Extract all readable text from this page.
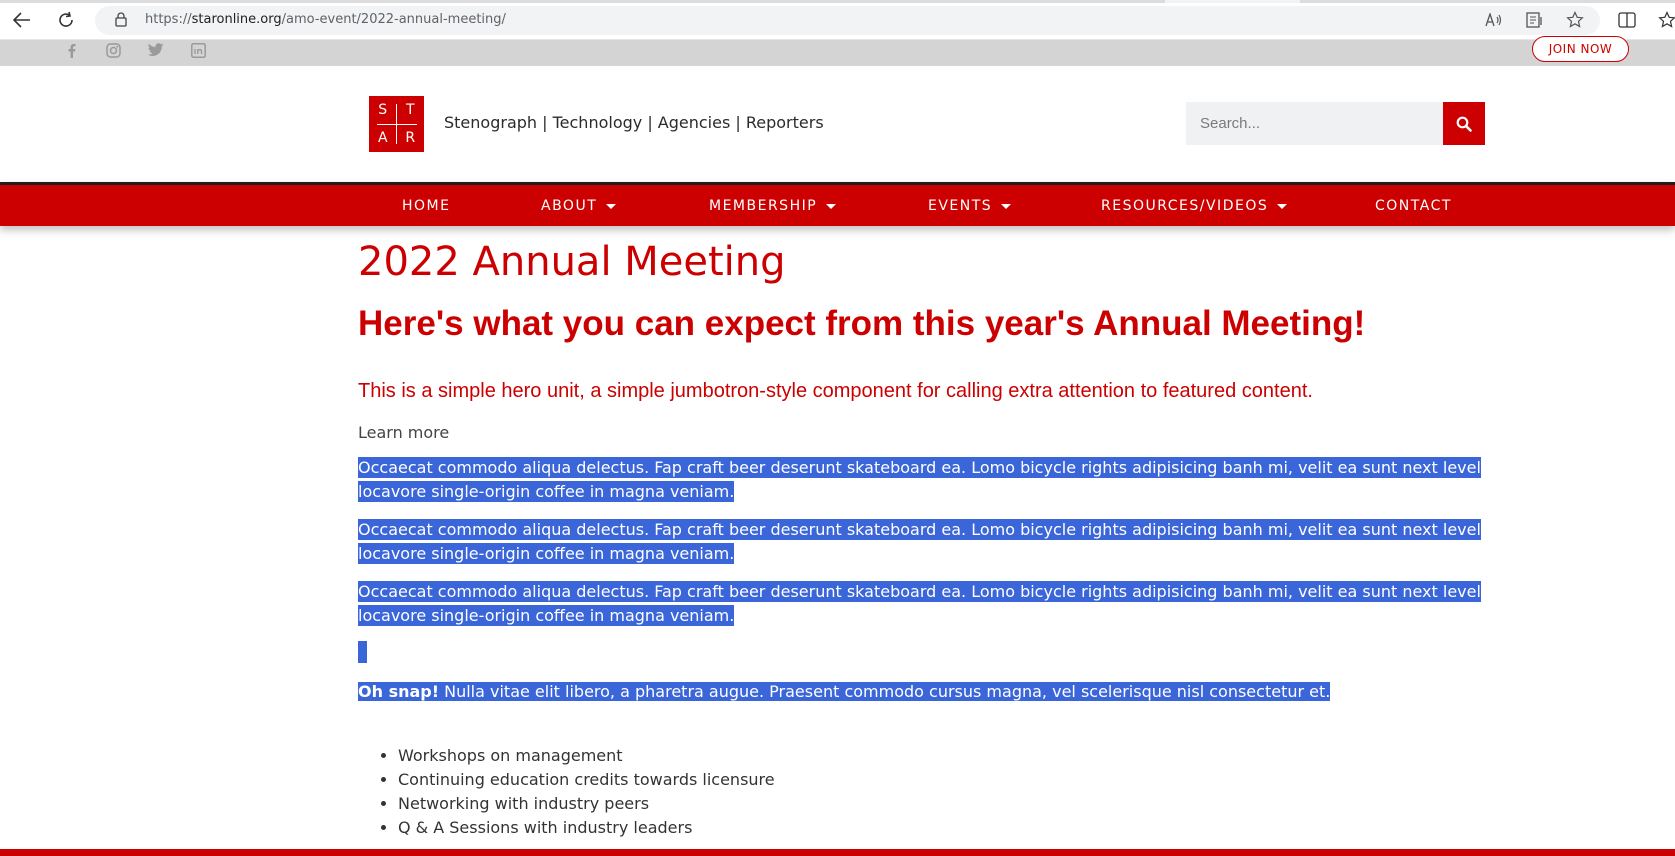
https://staronline.org/amo-event/2022-annual-meeting/
JOIN NOW
S	T
A	R
Stenograph | Technology | Agencies | Reporters
Search...
HOME	ABOUT	MEMBERSHIP	EVENTS	RESOURCES/VIDEOS	CONTACT
2022 Annual Meeting
Here's what you can expect from this year's Annual Meeting!

This is a simple hero unit, a simple jumbotron-style component for calling extra attention to featured content.

Learn more

Occaecat commodo aliqua delectus. Fap craft beer deserunt skateboard ea. Lomo bicycle rights adipisicing banh mi, velit ea sunt next level locavore single-origin coffee in magna veniam.

Occaecat commodo aliqua delectus. Fap craft beer deserunt skateboard ea. Lomo bicycle rights adipisicing banh mi, velit ea sunt next level locavore single-origin coffee in magna veniam.

Occaecat commodo aliqua delectus. Fap craft beer deserunt skateboard ea. Lomo bicycle rights adipisicing banh mi, velit ea sunt next level locavore single-origin coffee in magna veniam.

Oh snap! Nulla vitae elit libero, a pharetra augue. Praesent commodo cursus magna, vel scelerisque nisl consectetur et.

• Workshops on management
• Continuing education credits towards licensure
• Networking with industry peers
• Q & A Sessions with industry leaders
